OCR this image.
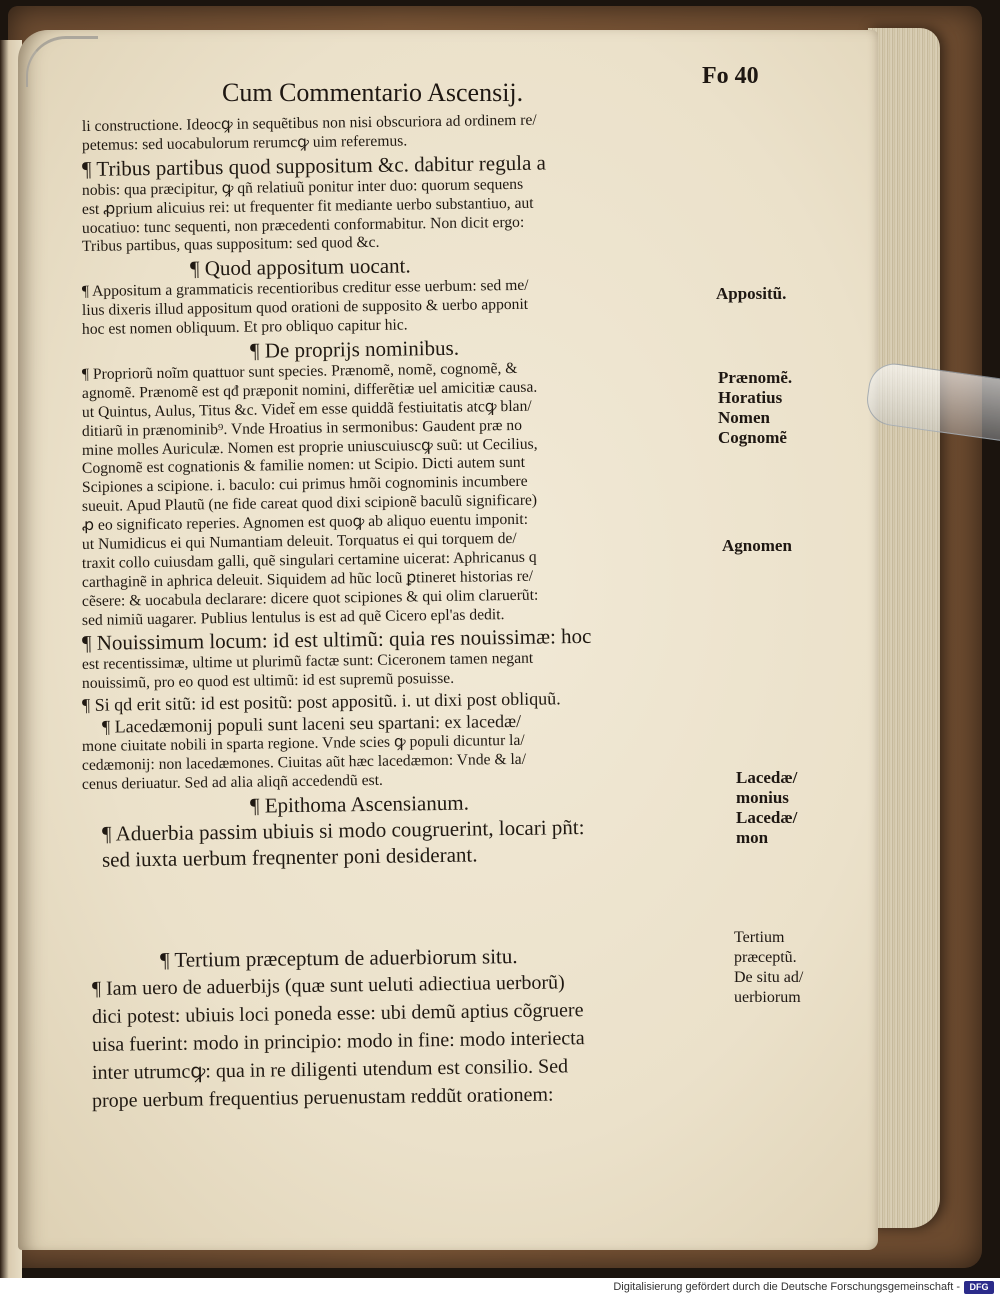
Cum Commentario Ascensij.
Fo 40
li constructione. Ideocꝙ in sequẽtibus non nisi obscuriora ad ordinem re/
petemus: sed uocabulorum rerumcꝙ uim referemus.
¶ Tribus partibus quod suppositum &c. dabitur regula a
nobis: qua præcipitur, ꝙ qñ relatiuũ ponitur inter duo: quorum sequens
est ꝓprium alicuius rei: ut frequenter fit mediante uerbo substantiuo, aut
uocatiuo: tunc sequenti, non præcedenti conformabitur. Non dicit ergo:
Tribus partibus, quas suppositum: sed quod &c.
¶ Quod appositum uocant.
¶ Appositum a grammaticis recentioribus creditur esse uerbum: sed me/
lius dixeris illud appositum quod orationi de supposito & uerbo apponit
hoc est nomen obliquum. Et pro obliquo capitur hic.
¶ De proprijs nominibus.
¶ Propriorũ noĩm quattuor sunt species. Prænomẽ, nomẽ, cognomẽ, &
agnomẽ. Prænomẽ est qđ præponit nomini, differẽtiæ uel amicitiæ causa.
ut Quintus, Aulus, Titus &c. Videt̃ em esse quiddã festiuitatis atcꝙ blan/
ditiarũ in prænominib⁹. Vnde Hroatius in sermonibus: Gaudent præ no
mine molles Auriculæ. Nomen est proprie uniuscuiuscꝙ suũ: ut Cecilius,
Cognomẽ est cognationis & familie nomen: ut Scipio. Dicti autem sunt
Scipiones a scipione. i. baculo: cui primus hmõi cognominis incumbere
sueuit. Apud Plautũ (ne fide careat quod dixi scipionẽ baculũ significare)
ꝓ eo significato reperies. Agnomen est quoꝙ ab aliquo euentu imponit:
ut Numidicus ei qui Numantiam deleuit. Torquatus ei qui torquem de/
traxit collo cuiusdam galli, quẽ singulari certamine uicerat: Aphricanus q
carthaginẽ in aphrica deleuit. Siquidem ad hũc locũ ꝑtineret historias re/
cẽsere: & uocabula declarare: dicere quot scipiones & qui olim claruerũt:
sed nimiũ uagarer. Publius lentulus is est ad quẽ Cicero epl'as dedit.
¶ Nouissimum locum: id est ultimũ: quia res nouissimæ: hoc
est recentissimæ, ultime ut plurimũ factæ sunt: Ciceronem tamen negant
nouissimũ, pro eo quod est ultimũ: id est supremũ posuisse.
¶ Si qd erit sitũ: id est positũ: post appositũ. i. ut dixi post obliquũ.
¶ Lacedæmonij populi sunt laceni seu spartani: ex lacedæ/
mone ciuitate nobili in sparta regione. Vnde scies ꝙ populi dicuntur la/
cedæmonij: non lacedæmones. Ciuitas aũt hæc lacedæmon: Vnde & la/
cenus deriuatur. Sed ad alia aliqñ accedendũ est.
¶ Epithoma Ascensianum.
¶ Aduerbia passim ubiuis si modo cougruerint, locari pñt:
sed iuxta uerbum freqnenter poni desiderant.
¶ Tertium præceptum de aduerbiorum situ.
¶ Iam uero de aduerbijs (quæ sunt ueluti adiectiua uerborũ)
dici potest: ubiuis loci poneda esse: ubi demũ aptius cõgruere
uisa fuerint: modo in principio: modo in fine: modo interiecta
inter utrumcꝙ: qua in re diligenti utendum est consilio. Sed
prope uerbum frequentius peruenustam reddũt orationem:
Appositũ.
Prænomẽ.
Horatius
Nomen
Cognomẽ
Agnomen
Lacedæ/
monius
Lacedæ/
mon
Tertium
præceptũ.
De situ ad/
uerbiorum
Digitalisierung gefördert durch die Deutsche Forschungsgemeinschaft -	DFG
